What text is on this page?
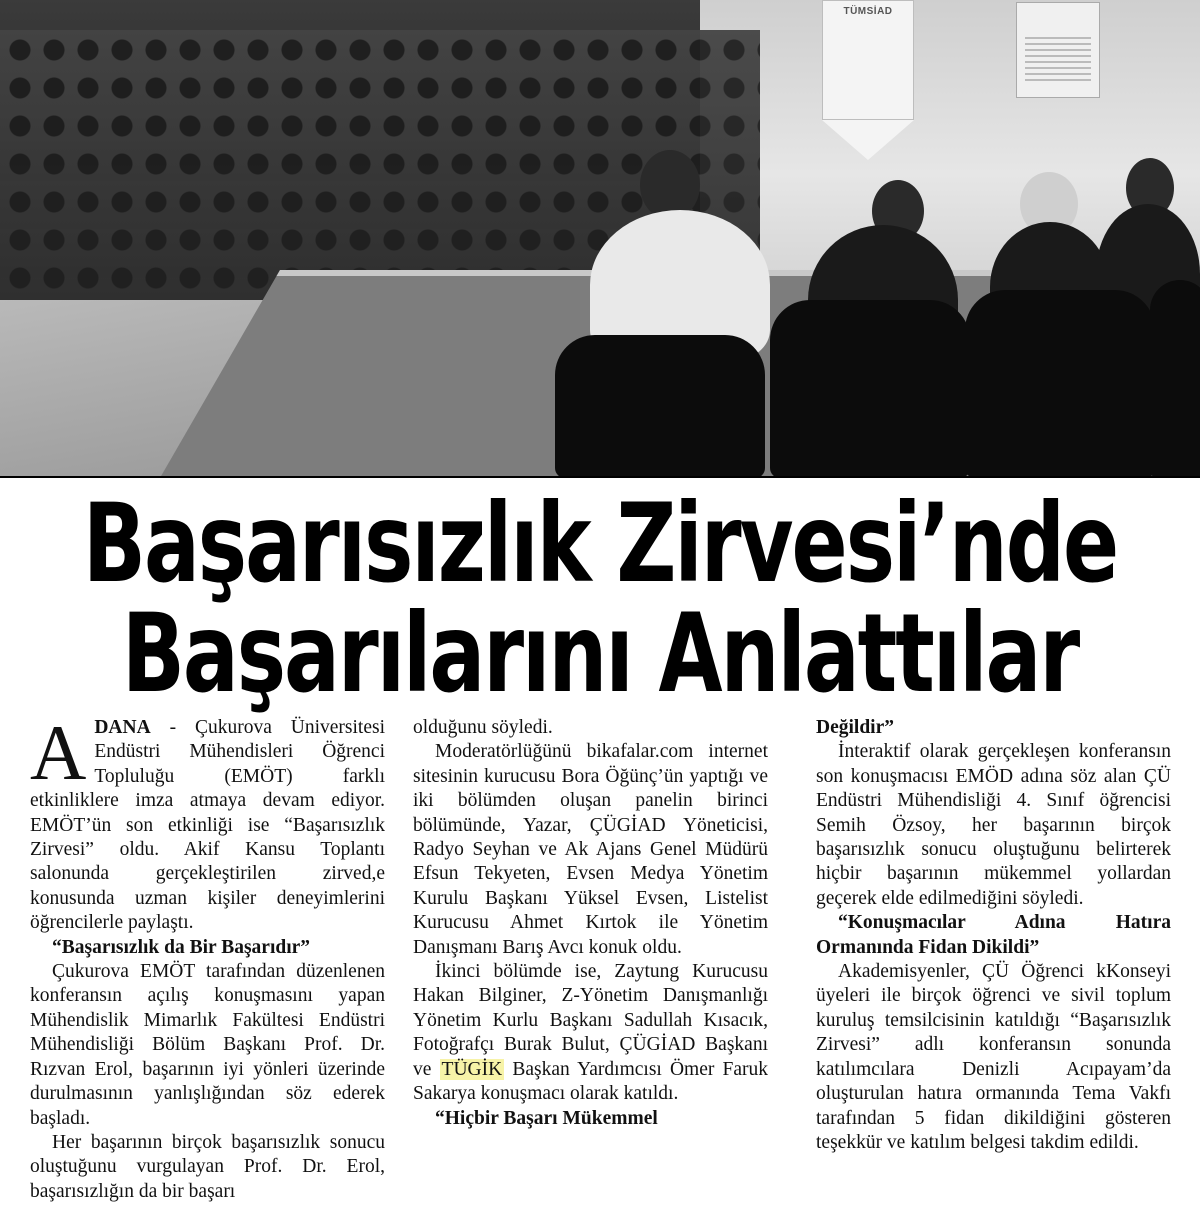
TÜMSİAD
Başarısızlık Zirvesi’nde
Başarılarını Anlattılar

ADANA - Çukurova Üniversitesi Endüstri Mühendisleri Öğrenci Topluluğu (EMÖT) farklı etkinliklere imza atmaya devam ediyor. EMÖT’ün son etkinliği ise “Başarısızlık Zirvesi” oldu. Akif Kansu Toplantı salonunda gerçekleştirilen zirved,e konusunda uzman kişiler deneyimlerini öğrencilerle paylaştı.

“Başarısızlık da Bir Başarıdır”

Çukurova EMÖT tarafından düzenlenen konferansın açılış konuşmasını yapan Mühendislik Mimarlık Fakültesi Endüstri Mühendisliği Bölüm Başkanı Prof. Dr. Rızvan Erol, başarının iyi yönleri üzerinde durulmasının yanlışlığından söz ederek başladı.

Her başarının birçok başarısızlık sonucu oluştuğunu vurgulayan Prof. Dr. Erol, başarısızlığın da bir başarı

olduğunu söyledi.

Moderatörlüğünü bikafalar.com internet sitesinin kurucusu Bora Öğünç’ün yaptığı ve iki bölümden oluşan panelin birinci bölümünde, Yazar, ÇÜGİAD Yöneticisi, Radyo Seyhan ve Ak Ajans Genel Müdürü Efsun Tekyeten, Evsen Medya Yönetim Kurulu Başkanı Yüksel Evsen, Listelist Kurucusu Ahmet Kırtok ile Yönetim Danışmanı Barış Avcı konuk oldu.

İkinci bölümde ise, Zaytung Kurucusu Hakan Bilginer, Z-Yönetim Danışmanlığı Yönetim Kurlu Başkanı Sadullah Kısacık, Fotoğrafçı Burak Bulut, ÇÜGİAD Başkanı ve TÜGİK Başkan Yardımcısı Ömer Faruk Sakarya konuşmacı olarak katıldı.

“Hiçbir Başarı Mükemmel

Değildir”

İnteraktif olarak gerçekleşen konferansın son konuşmacısı EMÖD adına söz alan ÇÜ Endüstri Mühendisliği 4. Sınıf öğrencisi Semih Özsoy, her başarının birçok başarısızlık sonucu oluştuğunu belirterek hiçbir başarının mükemmel yollardan geçerek elde edilmediğini söyledi.

“Konuşmacılar Adına Hatıra Ormanında Fidan Dikildi”

Akademisyenler, ÇÜ Öğrenci kKonseyi üyeleri ile birçok öğrenci ve sivil toplum kuruluş temsilcisinin katıldığı “Başarısızlık Zirvesi” adlı konferansın sonunda katılımcılara Denizli Acıpayam’da oluşturulan hatıra ormanında Tema Vakfı tarafından 5 fidan dikildiğini gösteren teşekkür ve katılım belgesi takdim edildi.
